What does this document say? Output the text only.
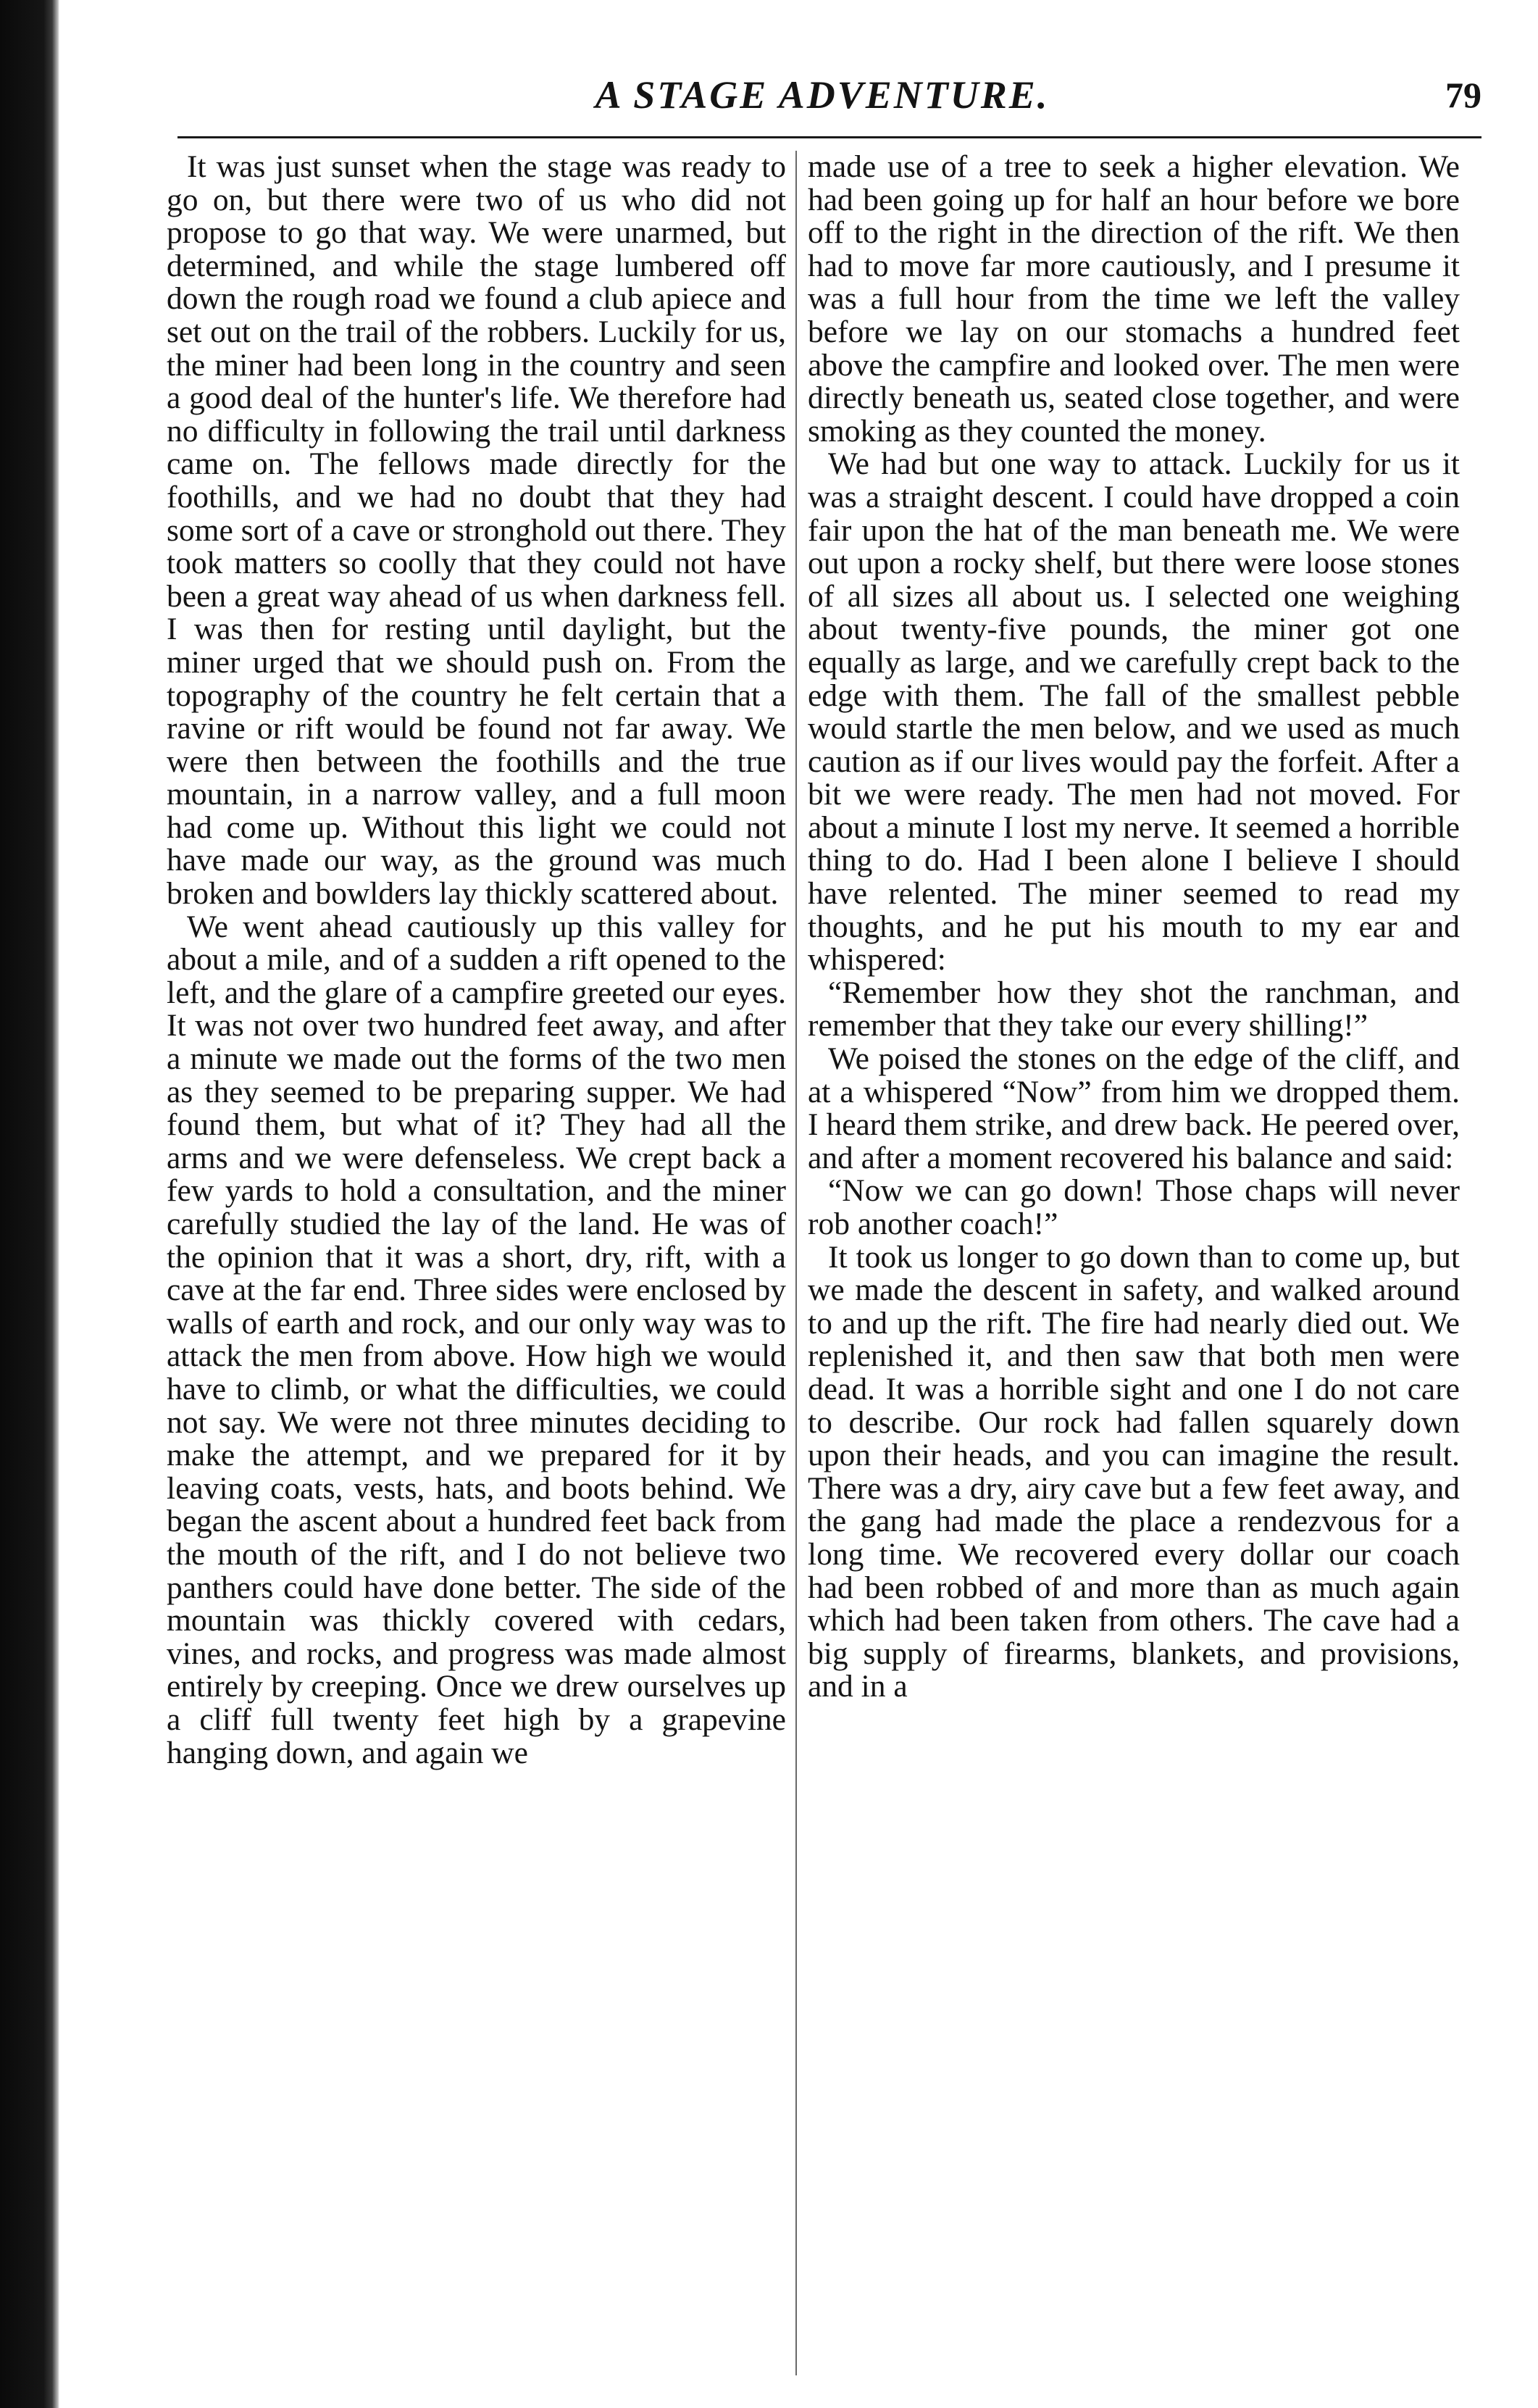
A STAGE ADVENTURE.	79

It was just sunset when the stage was ready to go on, but there were two of us who did not propose to go that way. We were unarmed, but determined, and while the stage lumbered off down the rough road we found a club apiece and set out on the trail of the robbers. Luckily for us, the miner had been long in the country and seen a good deal of the hunter's life. We therefore had no difficulty in following the trail until darkness came on. The fellows made directly for the foothills, and we had no doubt that they had some sort of a cave or stronghold out there. They took matters so coolly that they could not have been a great way ahead of us when darkness fell. I was then for resting until daylight, but the miner urged that we should push on. From the topography of the country he felt certain that a ravine or rift would be found not far away. We were then between the foothills and the true mountain, in a narrow valley, and a full moon had come up. Without this light we could not have made our way, as the ground was much broken and bowlders lay thickly scattered about.

We went ahead cautiously up this valley for about a mile, and of a sudden a rift opened to the left, and the glare of a campfire greeted our eyes. It was not over two hundred feet away, and after a minute we made out the forms of the two men as they seemed to be preparing supper. We had found them, but what of it? They had all the arms and we were defenseless. We crept back a few yards to hold a consultation, and the miner carefully studied the lay of the land. He was of the opinion that it was a short, dry, rift, with a cave at the far end. Three sides were enclosed by walls of earth and rock, and our only way was to attack the men from above. How high we would have to climb, or what the difficulties, we could not say. We were not three minutes deciding to make the attempt, and we prepared for it by leaving coats, vests, hats, and boots behind. We began the ascent about a hundred feet back from the mouth of the rift, and I do not believe two panthers could have done better. The side of the mountain was thickly covered with cedars, vines, and rocks, and progress was made almost entirely by creeping. Once we drew ourselves up a cliff full twenty feet high by a grapevine hanging down, and again we

made use of a tree to seek a higher elevation. We had been going up for half an hour before we bore off to the right in the direction of the rift. We then had to move far more cautiously, and I presume it was a full hour from the time we left the valley before we lay on our stomachs a hundred feet above the campfire and looked over. The men were directly beneath us, seated close together, and were smoking as they counted the money.

We had but one way to attack. Luckily for us it was a straight descent. I could have dropped a coin fair upon the hat of the man beneath me. We were out upon a rocky shelf, but there were loose stones of all sizes all about us. I selected one weighing about twenty-five pounds, the miner got one equally as large, and we carefully crept back to the edge with them. The fall of the smallest pebble would startle the men below, and we used as much caution as if our lives would pay the forfeit. After a bit we were ready. The men had not moved. For about a minute I lost my nerve. It seemed a horrible thing to do. Had I been alone I believe I should have relented. The miner seemed to read my thoughts, and he put his mouth to my ear and whispered:

“Remember how they shot the ranchman, and remember that they take our every shilling!”

We poised the stones on the edge of the cliff, and at a whispered “Now” from him we dropped them. I heard them strike, and drew back. He peered over, and after a moment recovered his balance and said:

“Now we can go down! Those chaps will never rob another coach!”

It took us longer to go down than to come up, but we made the descent in safety, and walked around to and up the rift. The fire had nearly died out. We replenished it, and then saw that both men were dead. It was a horrible sight and one I do not care to describe. Our rock had fallen squarely down upon their heads, and you can imagine the result. There was a dry, airy cave but a few feet away, and the gang had made the place a rendezvous for a long time. We recovered every dollar our coach had been robbed of and more than as much again which had been taken from others. The cave had a big supply of firearms, blankets, and provisions, and in a
